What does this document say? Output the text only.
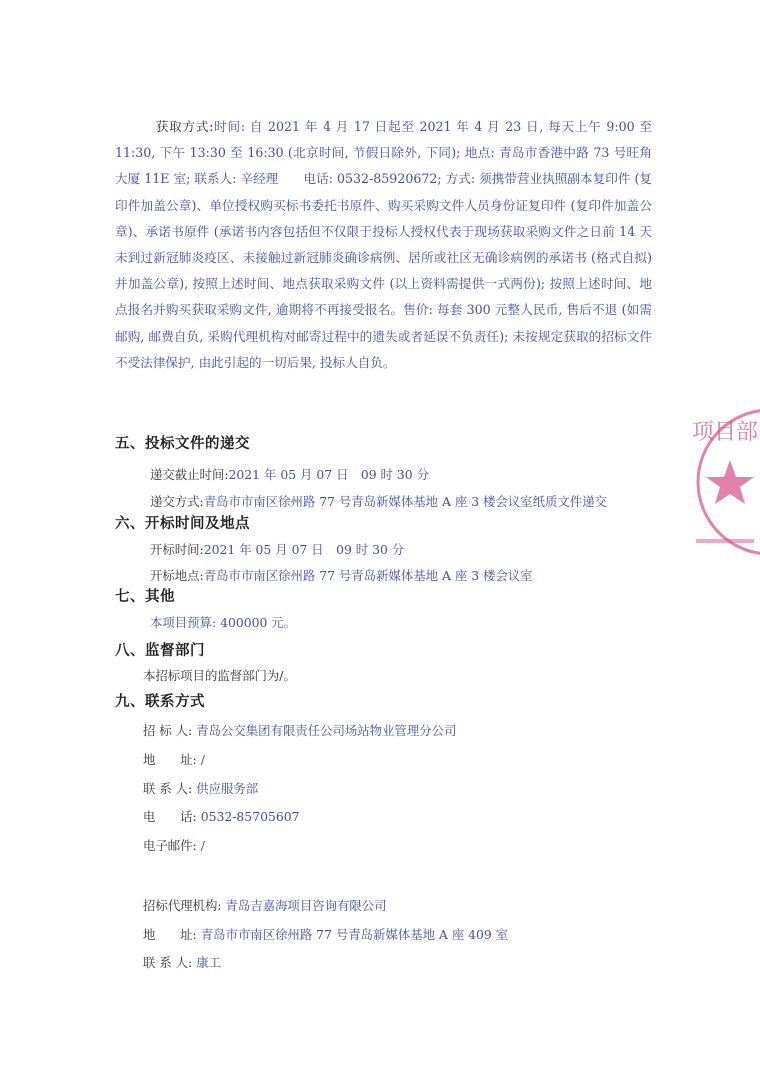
获取方式:时间: 自 2021 年 4 月 17 日起至 2021 年 4 月 23 日, 每天上午 9:00 至 11:30, 下午 13:30 至 16:30 (北京时间, 节假日除外, 下同); 地点: 青岛市香港中路 73 号旺角大厦 11E 室; 联系人: 辛经理　　电话: 0532-85920672; 方式: 须携带营业执照副本复印件 (复印件加盖公章)、单位授权购买标书委托书原件、购买采购文件人员身份证复印件 (复印件加盖公章)、承诺书原件 (承诺书内容包括但不仅限于投标人授权代表于现场获取采购文件之日前 14 天未到过新冠肺炎疫区、未接触过新冠肺炎确诊病例、居所或社区无确诊病例的承诺书 (格式自拟) 并加盖公章), 按照上述时间、地点获取采购文件 (以上资料需提供一式两份); 按照上述时间、地点报名并购买获取采购文件, 逾期将不再接受报名。售价: 每套 300 元整人民币, 售后不退 (如需邮购, 邮费自负, 采购代理机构对邮寄过程中的遗失或者延误不负责任); 未按规定获取的招标文件不受法律保护, 由此引起的一切后果, 投标人自负。
五、投标文件的递交
递交截止时间:2021 年 05 月 07 日　09 时 30 分
递交方式:青岛市市南区徐州路 77 号青岛新媒体基地 A 座 3 楼会议室纸质文件递交
六、开标时间及地点
开标时间:2021 年 05 月 07 日　09 时 30 分
开标地点:青岛市市南区徐州路 77 号青岛新媒体基地 A 座 3 楼会议室
七、其他
本项目预算: 400000 元。
八、监督部门
本招标项目的监督部门为/。
九、联系方式
招 标 人: 青岛公交集团有限责任公司场站物业管理分公司
地　　址: /
联 系 人: 供应服务部
电　　话: 0532-85705607
电子邮件: /
招标代理机构: 青岛吉嘉海项目咨询有限公司
地　　址: 青岛市市南区徐州路 77 号青岛新媒体基地 A 座 409 室
联 系 人: 康工
项目部
